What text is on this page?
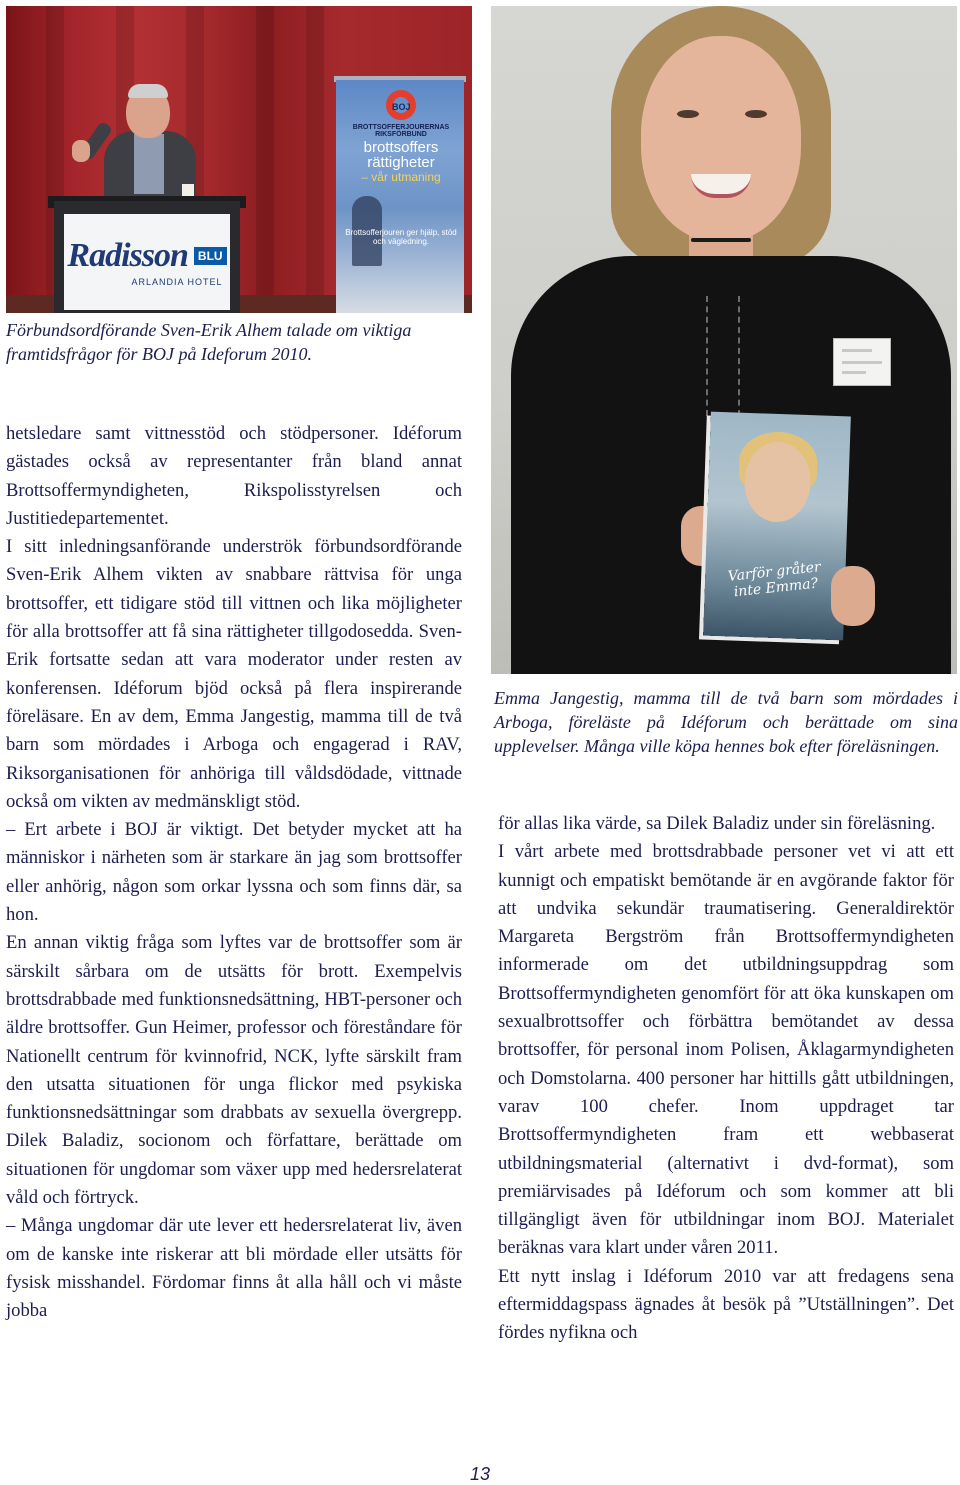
Radisson BLU
ARLANDIA HOTEL
BOJ
BROTTSOFFERJOURERNAS RIKSFÖRBUND
brottsoffers rättigheter
– vår utmaning
Brottsofferjouren ger hjälp, stöd och vägledning.
Förbundsordförande Sven-Erik Alhem talade om viktiga framtidsfrågor för BOJ på Ideforum 2010.
Varför gråter inte Emma?
Emma Jangestig, mamma till de två barn som mördades i Arboga, föreläste på Idéforum och berättade om sina upplevelser. Många ville köpa hennes bok efter föreläsningen.

hetsledare samt vittnesstöd och stödpersoner. Idéforum gästades också av representanter från bland annat Brottsoffermyndigheten, Rikspolisstyrelsen och Justitiedepartementet.

I sitt inledningsanförande underströk förbundsordförande Sven-Erik Alhem vikten av snabbare rättvisa för unga brottsoffer, ett tidigare stöd till vittnen och lika möjligheter för alla brottsoffer att få sina rättigheter tillgodosedda. Sven-Erik fortsatte sedan att vara moderator under resten av konferensen. Idéforum bjöd också på flera inspirerande föreläsare. En av dem, Emma Jangestig, mamma till de två barn som mördades i Arboga och engagerad i RAV, Riksorganisationen för anhöriga till våldsdödade, vittnade också om vikten av medmänskligt stöd.

– Ert arbete i BOJ är viktigt. Det betyder mycket att ha människor i närheten som är starkare än jag som brottsoffer eller anhörig, någon som orkar lyssna och som finns där, sa hon.

En annan viktig fråga som lyftes var de brottsoffer som är särskilt sårbara om de utsätts för brott. Exempelvis brottsdrabbade med funktionsnedsättning, HBT-personer och äldre brottsoffer. Gun Heimer, professor och föreståndare för Nationellt centrum för kvinnofrid, NCK, lyfte särskilt fram den utsatta situationen för unga flickor med psykiska funktionsnedsättningar som drabbats av sexuella övergrepp. Dilek Baladiz, socionom och författare, berättade om situationen för ungdomar som växer upp med hedersrelaterat våld och förtryck.

– Många ungdomar där ute lever ett hedersrelaterat liv, även om de kanske inte riskerar att bli mördade eller utsätts för fysisk misshandel. Fördomar finns åt alla håll och vi måste jobba

för allas lika värde, sa Dilek Baladiz under sin föreläsning.

I vårt arbete med brottsdrabbade personer vet vi att ett kunnigt och empatiskt bemötande är en avgörande faktor för att undvika sekundär traumatisering. Generaldirektör Margareta Bergström från Brottsoffermyndigheten informerade om det utbildningsuppdrag som Brottsoffermyndigheten genomfört för att öka kunskapen om sexualbrottsoffer och förbättra bemötandet av dessa brottsoffer, för personal inom Polisen, Åklagarmyndigheten och Domstolarna. 400 personer har hittills gått utbildningen, varav 100 chefer. Inom uppdraget tar Brottsoffermyndigheten fram ett webbaserat utbildningsmaterial (alternativt i dvd-format), som premiärvisades på Idéforum och som kommer att bli tillgängligt även för utbildningar inom BOJ. Materialet beräknas vara klart under våren 2011.

Ett nytt inslag i Idéforum 2010 var att fredagens sena eftermiddagspass ägnades åt besök på ”Utställningen”. Det fördes nyfikna och

13
